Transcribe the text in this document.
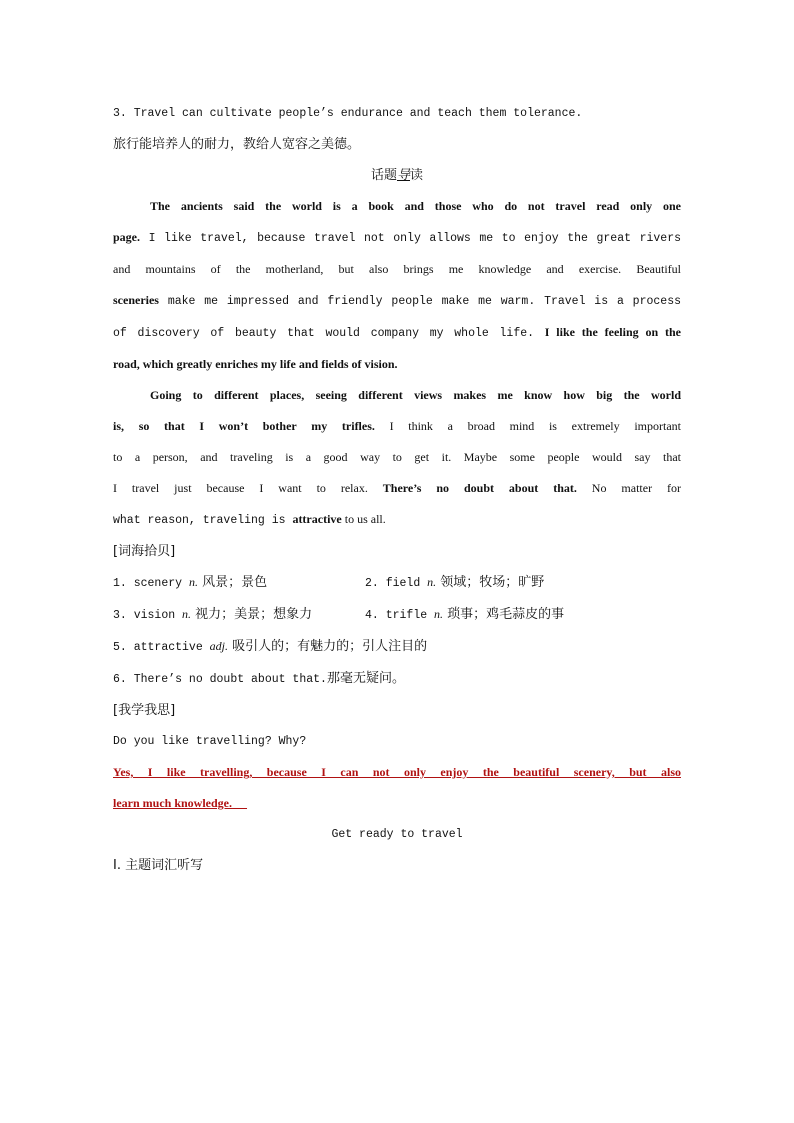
3. Travel can cultivate people’s endurance and teach them tolerance.
旅行能培养人的耐力，教给人宽容之美德。
话题导读
The ancients said the world is a book and those who do not travel read only one
page. I like travel, because travel not only allows me to enjoy the great rivers
and mountains of the motherland, but also brings me knowledge and exercise. Beautiful
sceneries make me impressed and friendly people make me warm. Travel is a process
of discovery of beauty that would company my whole life. I like the feeling on the
road, which greatly enriches my life and fields of vision.
Going to different places, seeing different views makes me know how big the world
is, so that I won’t bother my trifles. I think a broad mind is extremely important
to a person, and traveling is a good way to get it. Maybe some people would say that
I travel just because I want to relax. There’s no doubt about that. No matter for
what reason, traveling is attractive to us all.
[词海拾贝]
1. scenery n. 风景；景色	2. field n. 领域；牧场；旷野
3. vision n. 视力；美景；想象力	4. trifle n. 琐事；鸡毛蒜皮的事
5. attractive adj. 吸引人的；有魅力的；引人注目的
6. There’s no doubt about that.那毫无疑问。
[我学我思]
Do you like travelling? Why?
Yes, I like travelling, because I can not only enjoy the beautiful scenery, but also
learn much knowledge.
Get ready to travel
Ⅰ. 主题词汇听写
